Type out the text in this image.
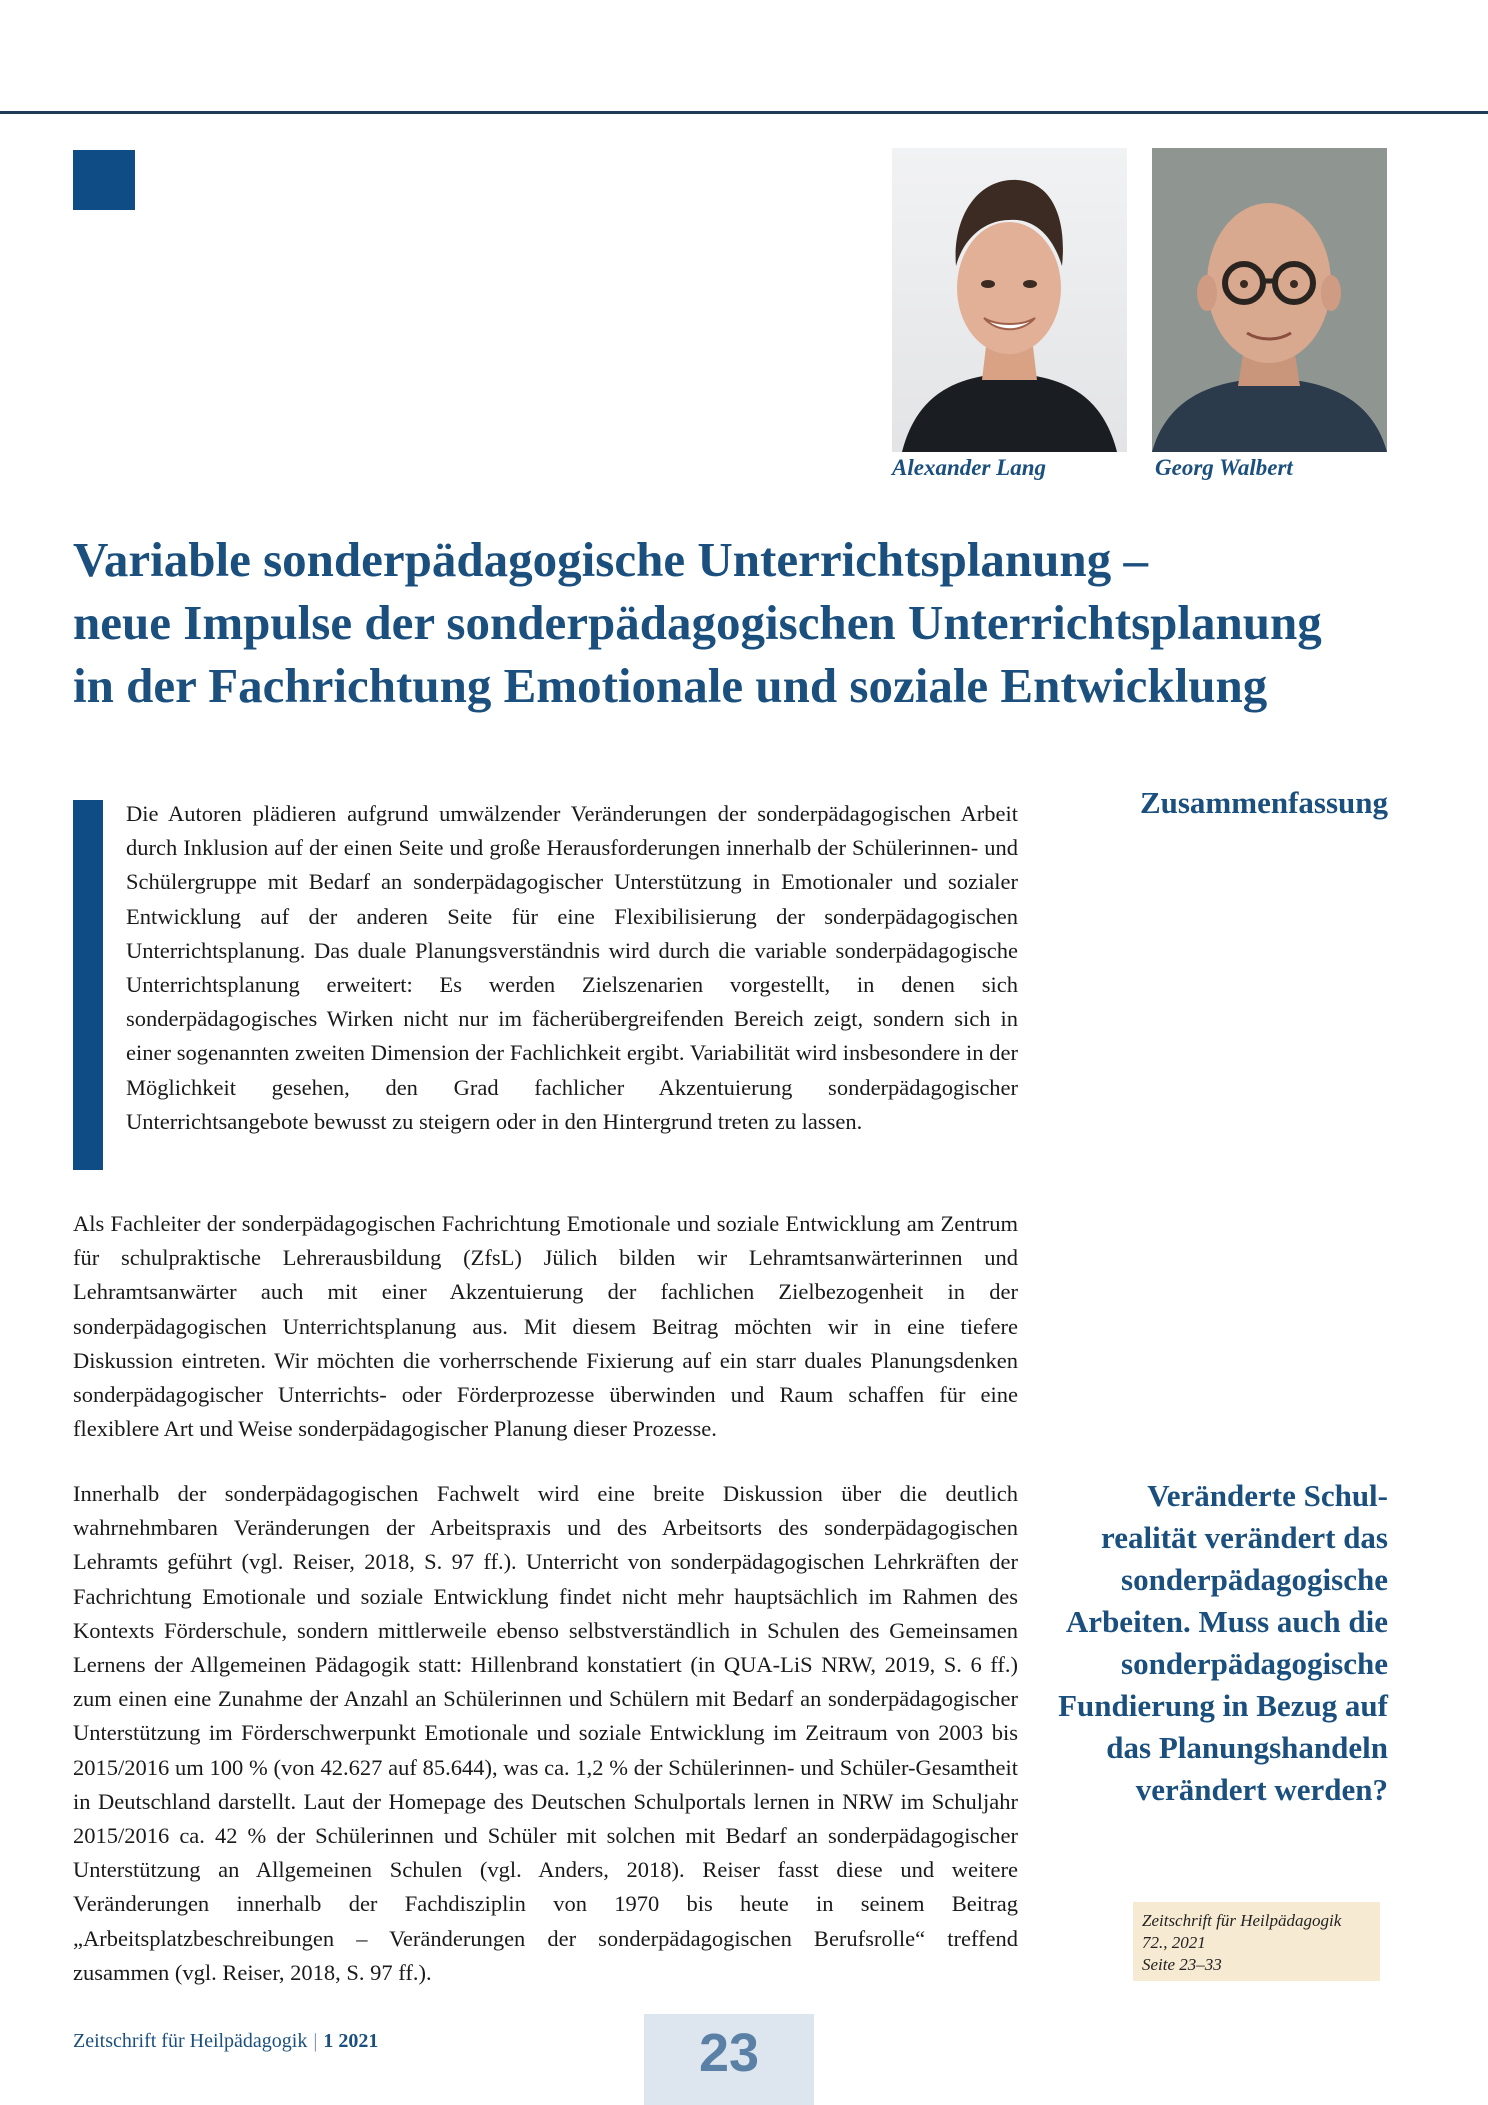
Alexander Lang	Georg Walbert
Variable sonderpädagogische Unterrichtsplanung –
neue Impulse der sonderpädagogischen Unterrichtsplanung
in der Fachrichtung Emotionale und soziale Entwicklung

Die Autoren plädieren aufgrund umwälzender Veränderungen der sonderpädagogischen Arbeit durch Inklusion auf der einen Seite und große Herausforderungen innerhalb der Schülerinnen- und Schülergruppe mit Bedarf an sonderpädagogischer Unterstützung in Emotionaler und sozialer Entwicklung auf der anderen Seite für eine Flexibilisierung der sonderpädagogischen Unterrichtsplanung. Das duale Planungsverständnis wird durch die variable sonderpädagogische Unterrichtsplanung erweitert: Es werden Zielszenarien vorgestellt, in denen sich sonderpädagogisches Wirken nicht nur im fächerübergreifenden Bereich zeigt, sondern sich in einer sogenannten zweiten Dimension der Fachlichkeit ergibt. Variabilität wird insbesondere in der Möglichkeit gesehen, den Grad fachlicher Akzentuierung sonderpädagogischer Unterrichtsangebote bewusst zu steigern oder in den Hintergrund treten zu lassen.

Zusammenfassung

Als Fachleiter der sonderpädagogischen Fachrichtung Emotionale und soziale Entwicklung am Zentrum für schulpraktische Lehrerausbildung (ZfsL) Jülich bilden wir Lehramtsanwärterinnen und Lehramtsanwärter auch mit einer Akzentuierung der fachlichen Zielbezogenheit in der sonderpädagogischen Unterrichtsplanung aus. Mit diesem Beitrag möchten wir in eine tiefere Diskussion eintreten. Wir möchten die vorherrschende Fixierung auf ein starr duales Planungsdenken sonderpädagogischer Unterrichts- oder Förderprozesse überwinden und Raum schaffen für eine flexiblere Art und Weise sonderpädagogischer Planung dieser Prozesse.

Innerhalb der sonderpädagogischen Fachwelt wird eine breite Diskussion über die deutlich wahrnehmbaren Veränderungen der Arbeitspraxis und des Arbeitsorts des sonderpädagogischen Lehramts geführt (vgl. Reiser, 2018, S. 97 ff.). Unterricht von sonderpädagogischen Lehrkräften der Fachrichtung Emotionale und soziale Entwicklung findet nicht mehr hauptsächlich im Rahmen des Kontexts Förderschule, sondern mittlerweile ebenso selbstverständlich in Schulen des Gemeinsamen Lernens der Allgemeinen Pädagogik statt: Hillenbrand konstatiert (in QUA-LiS NRW, 2019, S. 6 ff.) zum einen eine Zunahme der Anzahl an Schülerinnen und Schülern mit Bedarf an sonderpädagogischer Unterstützung im Förderschwerpunkt Emotionale und soziale Entwicklung im Zeitraum von 2003 bis 2015/2016 um 100 % (von 42.627 auf 85.644), was ca. 1,2 % der Schülerinnen- und Schüler-Gesamtheit in Deutschland darstellt. Laut der Homepage des Deutschen Schulportals lernen in NRW im Schuljahr 2015/2016 ca. 42 % der Schülerinnen und Schüler mit solchen mit Bedarf an sonderpädagogischer Unterstützung an Allgemeinen Schulen (vgl. Anders, 2018). Reiser fasst diese und weitere Veränderungen innerhalb der Fachdisziplin von 1970 bis heute in seinem Beitrag „Arbeitsplatzbeschreibungen – Veränderungen der sonderpädagogischen Berufsrolle“ treffend zusammen (vgl. Reiser, 2018, S. 97 ff.).

Veränderte Schul-
realität verändert das
sonderpädagogische
Arbeiten. Muss auch die
sonderpädagogische
Fundierung in Bezug auf
das Planungshandeln
verändert werden?
Zeitschrift für Heilpädagogik
72., 2021
Seite 23–33
Zeitschrift für Heilpädagogik | 1 2021	23
